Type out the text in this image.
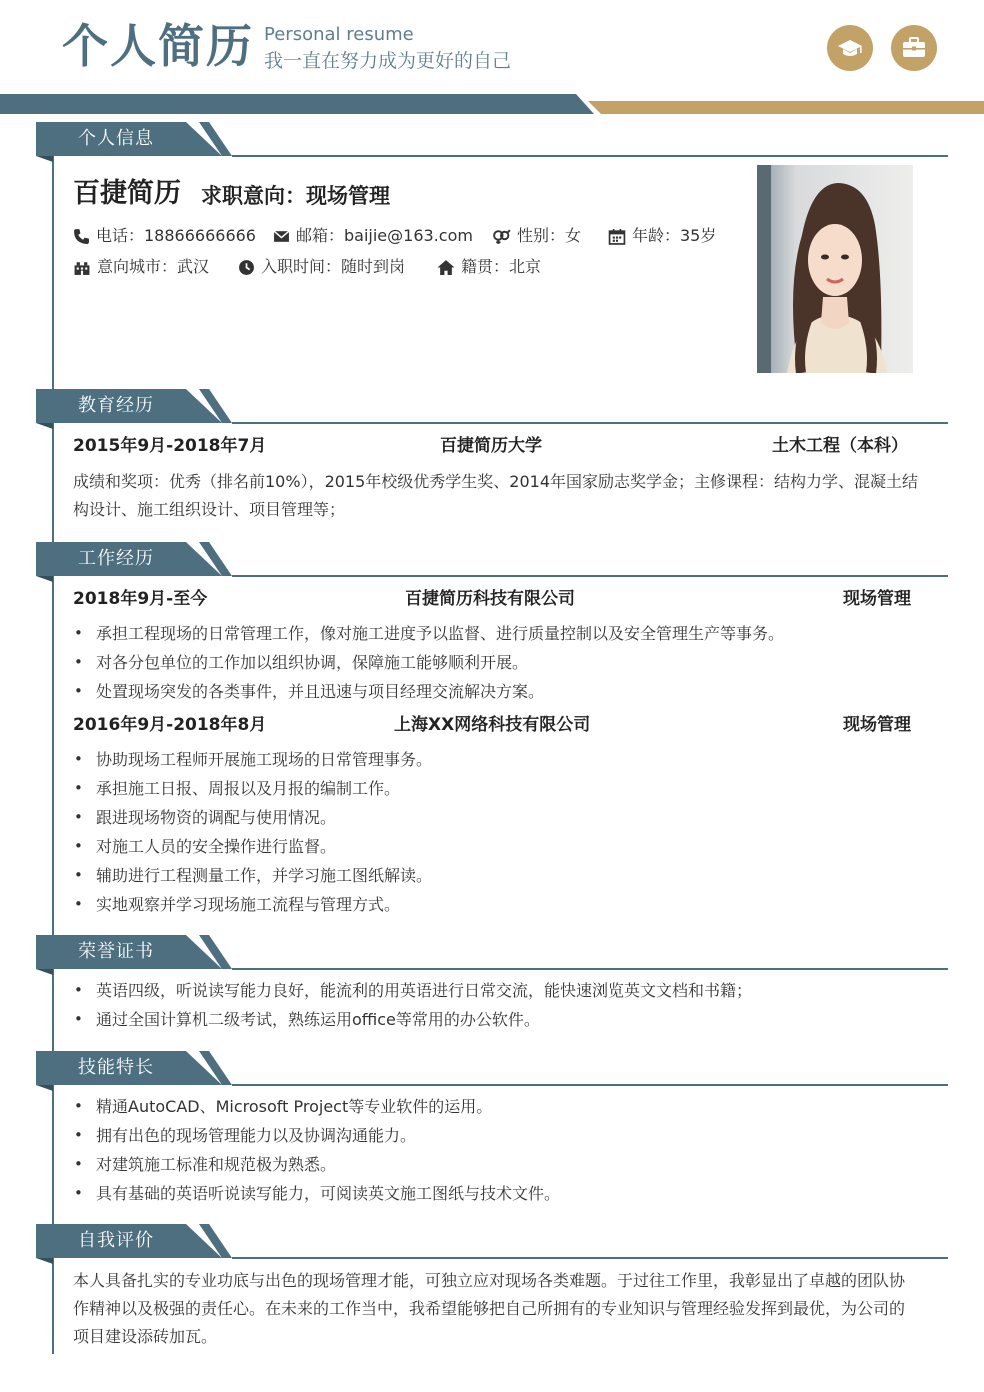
个人简历 Personal resume
我一直在努力成为更好的自己
个人信息
百捷简历 求职意向：现场管理
电话：18866666666	邮箱：baijie@163.com	性别：女	年龄：35岁
意向城市：武汉	入职时间：随时到岗	籍贯：北京
教育经历
2015年9月-2018年7月	百捷简历大学	土木工程（本科）
成绩和奖项：优秀（排名前10%），2015年校级优秀学生奖、2014年国家励志奖学金；主修课程：结构力学、混凝土结构设计、施工组织设计、项目管理等；
工作经历
2018年9月-至今	百捷简历科技有限公司	现场管理
• 承担工程现场的日常管理工作，像对施工进度予以监督、进行质量控制以及安全管理生产等事务。
• 对各分包单位的工作加以组织协调，保障施工能够顺利开展。
• 处置现场突发的各类事件，并且迅速与项目经理交流解决方案。
2016年9月-2018年8月	上海XX网络科技有限公司	现场管理
• 协助现场工程师开展施工现场的日常管理事务。
• 承担施工日报、周报以及月报的编制工作。
• 跟进现场物资的调配与使用情况。
• 对施工人员的安全操作进行监督。
• 辅助进行工程测量工作，并学习施工图纸解读。
• 实地观察并学习现场施工流程与管理方式。
荣誉证书
• 英语四级，听说读写能力良好，能流利的用英语进行日常交流，能快速浏览英文文档和书籍；
• 通过全国计算机二级考试，熟练运用office等常用的办公软件。
技能特长
• 精通AutoCAD、Microsoft Project等专业软件的运用。
• 拥有出色的现场管理能力以及协调沟通能力。
• 对建筑施工标准和规范极为熟悉。
• 具有基础的英语听说读写能力，可阅读英文施工图纸与技术文件。
自我评价
本人具备扎实的专业功底与出色的现场管理才能，可独立应对现场各类难题。于过往工作里，我彰显出了卓越的团队协作精神以及极强的责任心。在未来的工作当中，我希望能够把自己所拥有的专业知识与管理经验发挥到最优，为公司的项目建设添砖加瓦。
